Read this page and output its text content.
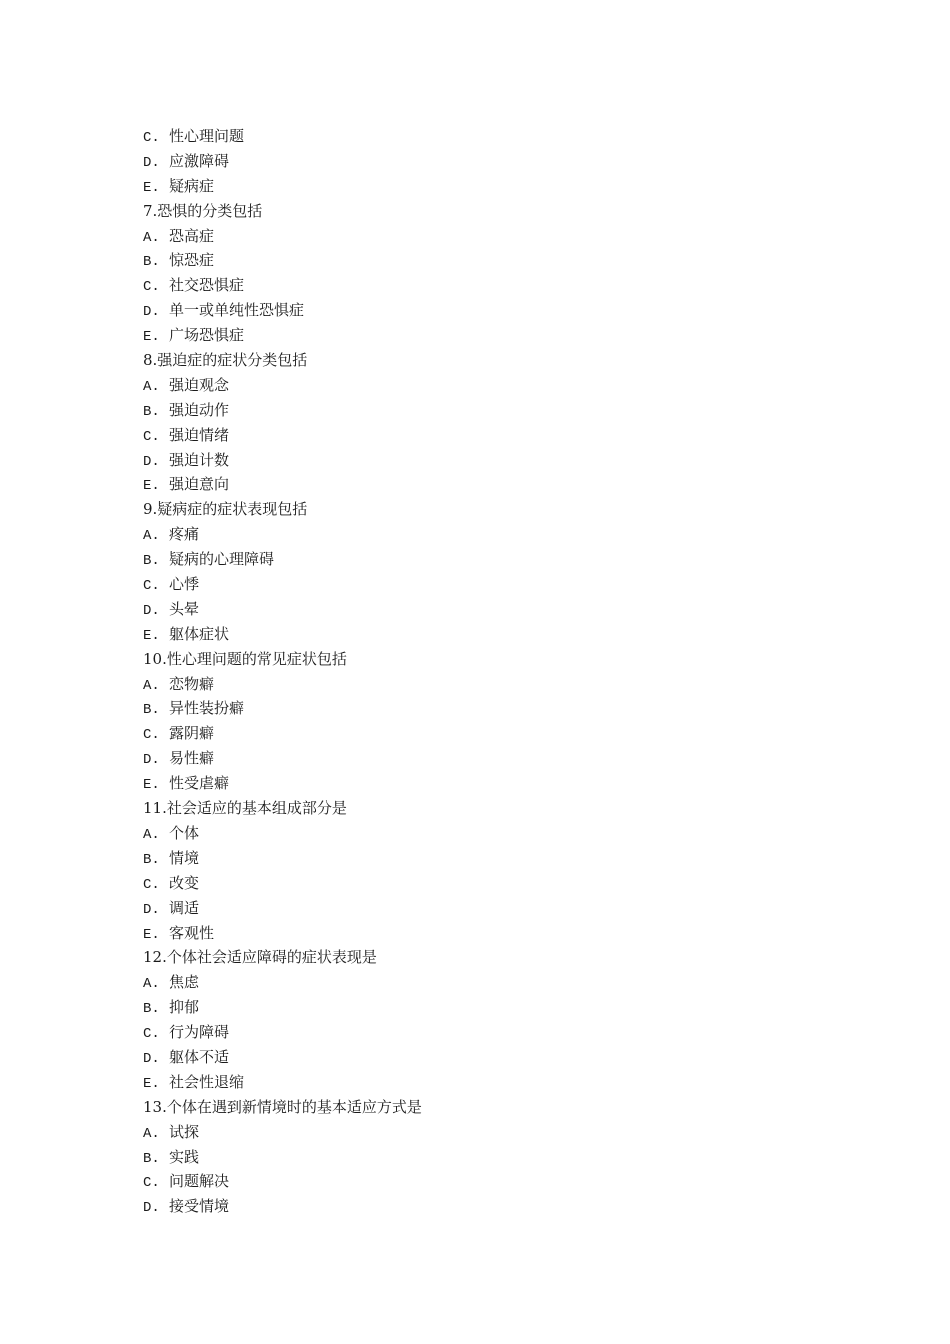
C. 性心理问题
D. 应激障碍
E. 疑病症
7.恐惧的分类包括
A. 恐高症
B. 惊恐症
C. 社交恐惧症
D. 单一或单纯性恐惧症
E. 广场恐惧症
8.强迫症的症状分类包括
A. 强迫观念
B. 强迫动作
C. 强迫情绪
D. 强迫计数
E. 强迫意向
9.疑病症的症状表现包括
A. 疼痛
B. 疑病的心理障碍
C. 心悸
D. 头晕
E. 躯体症状
10.性心理问题的常见症状包括
A. 恋物癖
B. 异性装扮癖
C. 露阴癖
D. 易性癖
E. 性受虐癖
11.社会适应的基本组成部分是
A. 个体
B. 情境
C. 改变
D. 调适
E. 客观性
12.个体社会适应障碍的症状表现是
A. 焦虑
B. 抑郁
C. 行为障碍
D. 躯体不适
E. 社会性退缩
13.个体在遇到新情境时的基本适应方式是
A. 试探
B. 实践
C. 问题解决
D. 接受情境
